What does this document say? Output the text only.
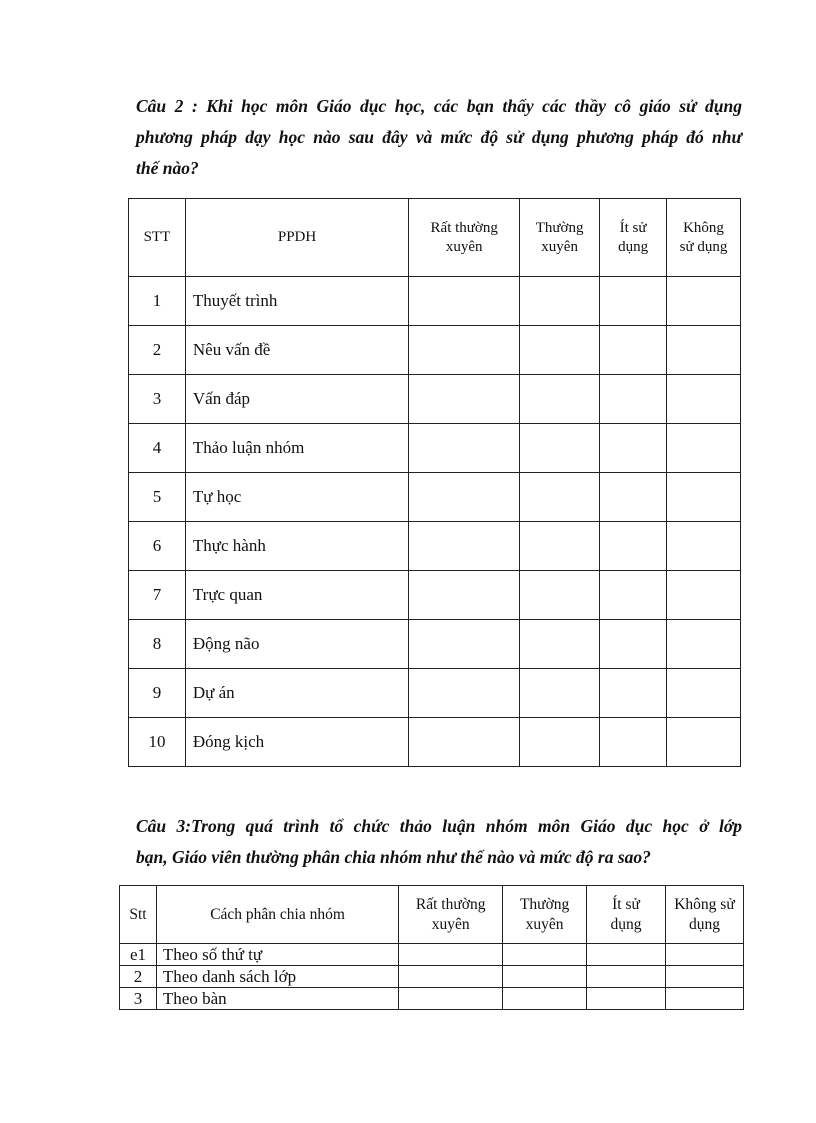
Câu 2 : Khi học môn Giáo dục học, các bạn thấy các thầy cô giáo sử dụng

phương pháp dạy học nào sau đây và mức độ sử dụng phương pháp đó như

thế nào?

STT	PPDH	Rất thường xuyên	Thường xuyên	Ít sử dụng	Không sử dụng

1	Thuyết trình				
2	Nêu vấn đề				
3	Vấn đáp				
4	Thảo luận nhóm				
5	Tự học				
6	Thực hành				
7	Trực quan				
8	Động não				
9	Dự án				
10	Đóng kịch				

Câu 3:Trong quá trình tổ chức thảo luận nhóm môn Giáo dục học ở lớp

bạn, Giáo viên thường phân chia nhóm như thế nào và mức độ ra sao?

Stt	Cách phân chia nhóm	Rất thường xuyên	Thường xuyên	Ít sử dụng	Không sử dụng

e1	Theo số thứ tự				
2	Theo danh sách lớp				
3	Theo bàn				
